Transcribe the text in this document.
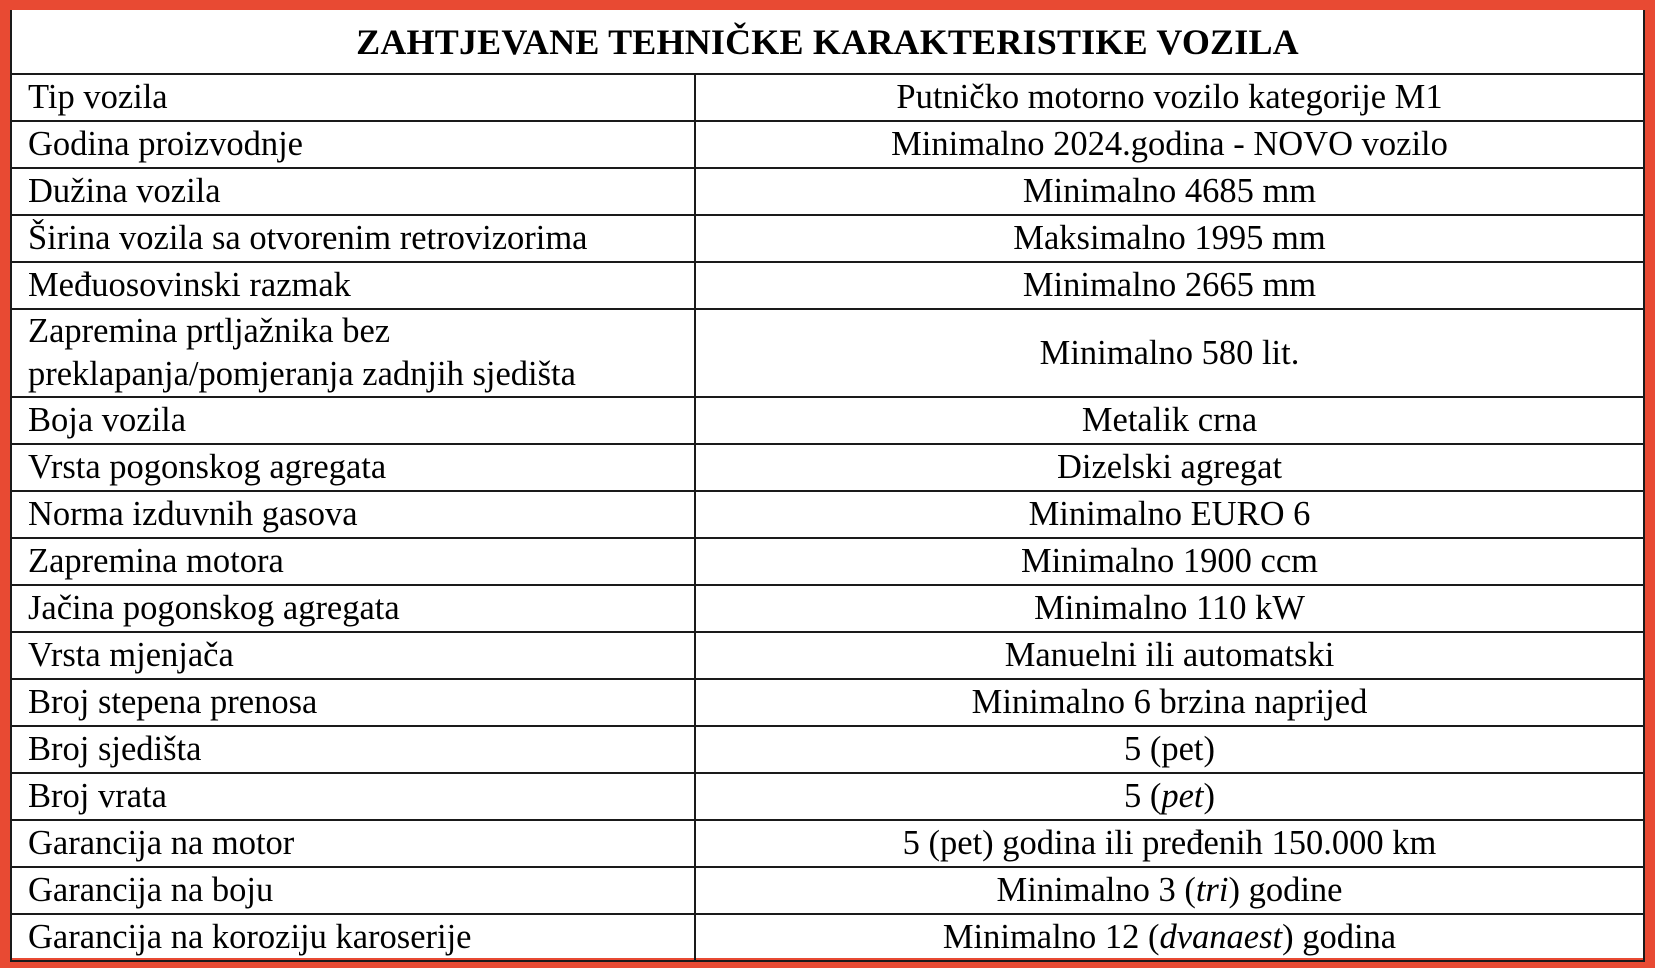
ZAHTJEVANE TEHNIČKE KARAKTERISTIKE VOZILA	
Tip vozila	Putničko motorno vozilo kategorije M1
Godina proizvodnje	Minimalno 2024.godina - NOVO vozilo
Dužina vozila	Minimalno 4685 mm
Širina vozila sa otvorenim retrovizorima	Maksimalno 1995 mm
Međuosovinski razmak	Minimalno 2665 mm
Zapremina prtljažnika bez
preklapanja/pomjeranja zadnjih sjedišta	Minimalno 580 lit.
Boja vozila	Metalik crna
Vrsta pogonskog agregata	Dizelski agregat
Norma izduvnih gasova	Minimalno EURO 6
Zapremina motora	Minimalno 1900 ccm
Jačina pogonskog agregata	Minimalno 110 kW
Vrsta mjenjača	Manuelni ili automatski
Broj stepena prenosa	Minimalno 6 brzina naprijed
Broj sjedišta	5 (pet)
Broj vrata	5 (pet)
Garancija na motor	5 (pet) godina ili pređenih 150.000 km
Garancija na boju	Minimalno 3 (tri) godine
Garancija na koroziju karoserije	Minimalno 12 (dvanaest) godina
